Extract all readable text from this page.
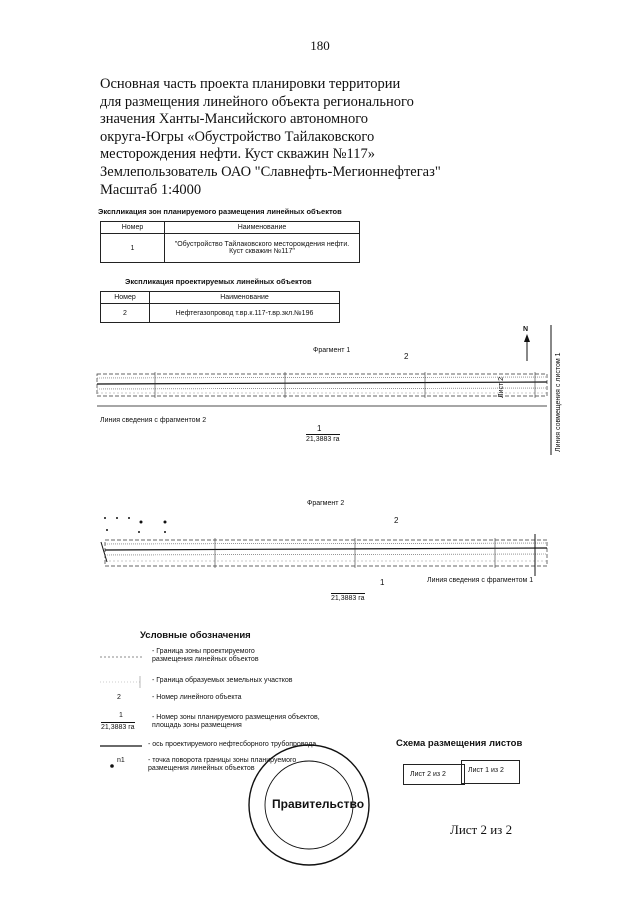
180
Основная часть проекта планировки территории
для размещения линейного объекта регионального
значения Ханты-Мансийского автономного
округа-Югры «Обустройство Тайлаковского
месторождения нефти. Куст скважин №117»
Землепользователь ОАО "Славнефть-Мегионнефтегаз"
Масштаб 1:4000
Экспликация зон планируемого размещения линейных объектов
Номер	Наименование
1	"Обустройство Тайлаковского месторождения нефти. Куст скважин №117"
Экспликация проектируемых линейных объектов
Номер	Наименование
2	Нефтегазопровод т.вр.к.117-т.вр.зкл.№196
N
Лист 2	Линия совмещения с листом 1
Фрагмент 1
2
Линия сведения с фрагментом 2
1
21,3883 га
Фрагмент 2
2
1
21,3883 га
Линия сведения с фрагментом 1
Условные обозначения
- Граница зоны проектируемого
размещения линейных объектов
- Граница образуемых земельных участков
2	- Номер линейного объекта
1
21,3883 га
- Номер зоны планируемого размещения объектов,
площадь зоны размещения
- ось проектируемого нефтесборного трубопровода
n1	- точка поворота границы зоны планируемого
размещения линейных объектов
Схема размещения листов
Лист 2 из 2
Лист 1 из 2
Правительство
Лист 2 из 2
